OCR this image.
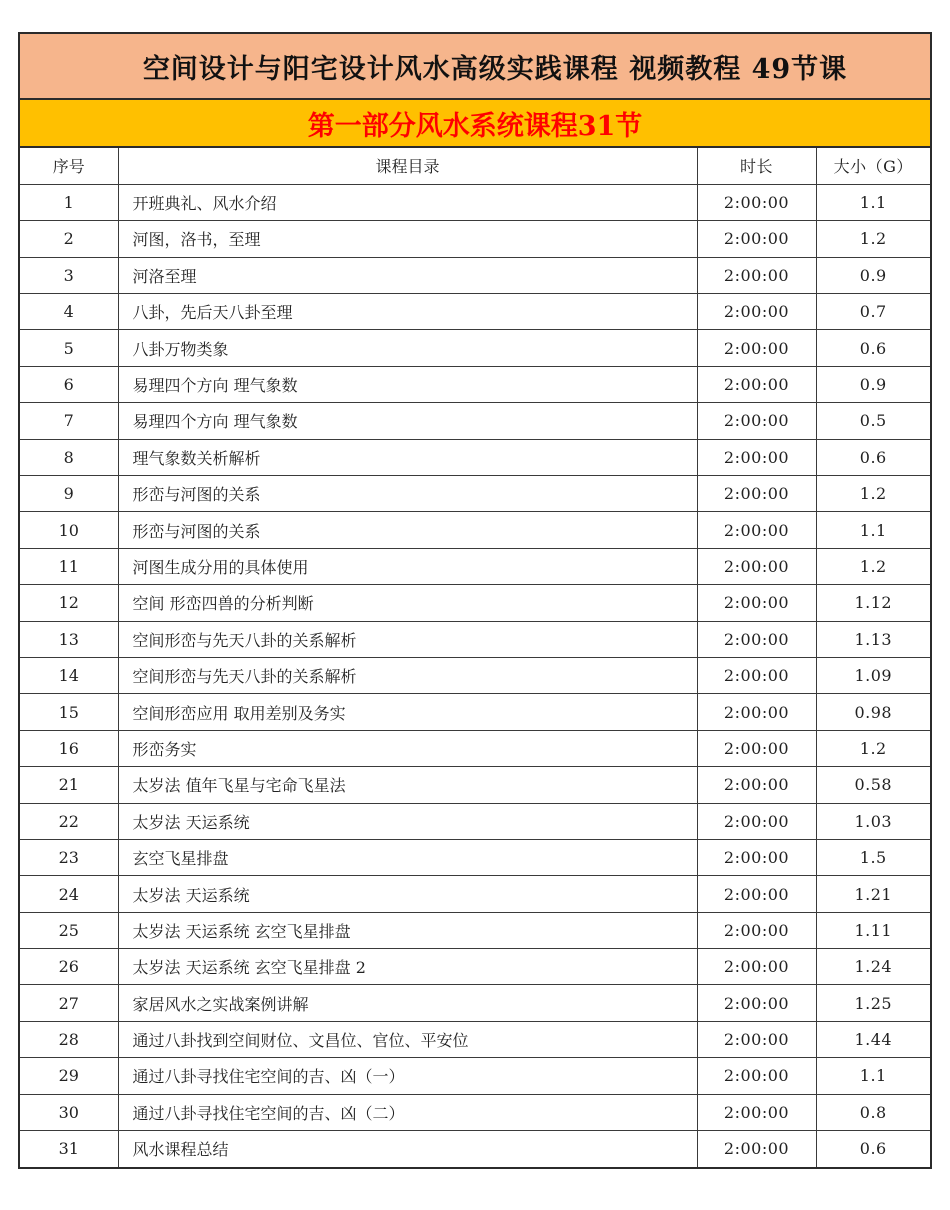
空间设计与阳宅设计风水高级实践课程 视频教程 49节课
第一部分风水系统课程31节
序号	课程目录	时长	大小（G）
1	开班典礼、风水介绍	2:00:00	1.1
2	河图，洛书，至理	2:00:00	1.2
3	河洛至理	2:00:00	0.9
4	八卦，先后天八卦至理	2:00:00	0.7
5	八卦万物类象	2:00:00	0.6
6	易理四个方向 理气象数	2:00:00	0.9
7	易理四个方向 理气象数	2:00:00	0.5
8	理气象数关析解析	2:00:00	0.6
9	形峦与河图的关系	2:00:00	1.2
10	形峦与河图的关系	2:00:00	1.1
11	河图生成分用的具体使用	2:00:00	1.2
12	空间 形峦四兽的分析判断	2:00:00	1.12
13	空间形峦与先天八卦的关系解析	2:00:00	1.13
14	空间形峦与先天八卦的关系解析	2:00:00	1.09
15	空间形峦应用 取用差别及务实	2:00:00	0.98
16	形峦务实	2:00:00	1.2
21	太岁法 值年飞星与宅命飞星法	2:00:00	0.58
22	太岁法 天运系统	2:00:00	1.03
23	玄空飞星排盘	2:00:00	1.5
24	太岁法 天运系统	2:00:00	1.21
25	太岁法 天运系统 玄空飞星排盘	2:00:00	1.11
26	太岁法 天运系统 玄空飞星排盘 2	2:00:00	1.24
27	家居风水之实战案例讲解	2:00:00	1.25
28	通过八卦找到空间财位、文昌位、官位、平安位	2:00:00	1.44
29	通过八卦寻找住宅空间的吉、凶（一）	2:00:00	1.1
30	通过八卦寻找住宅空间的吉、凶（二）	2:00:00	0.8
31	风水课程总结	2:00:00	0.6
